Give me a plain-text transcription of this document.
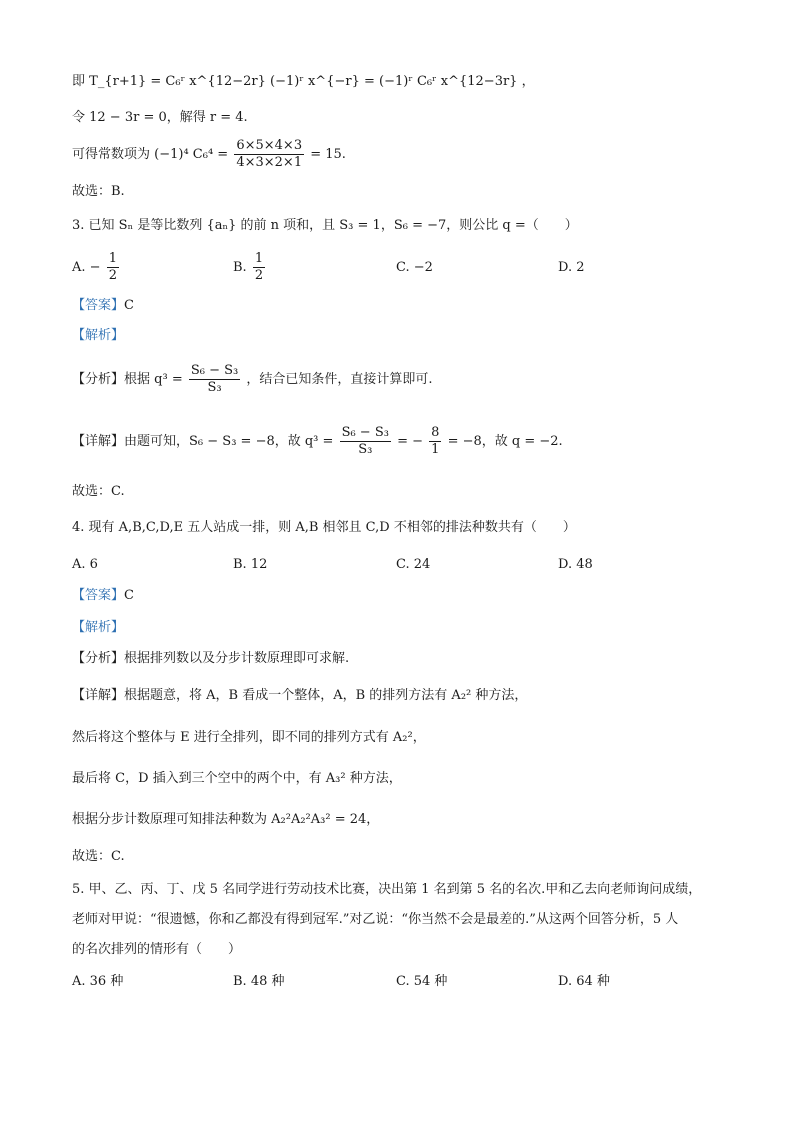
即 T_{r+1} = C₆ʳ x^{12−2r} (−1)ʳ x^{−r} = (−1)ʳ C₆ʳ x^{12−3r} ，
令 12 − 3r = 0，解得 r = 4.
可得常数项为 (−1)⁴ $C_6^4 = \frac{6\times 5\times 4\times 3}{4\times 3\times 2\times 1} = 15$.
故选：B.
3. 已知 Sₙ 是等比数列 {aₙ} 的前 n 项和，且 S₃ = 1，S₆ = −7，则公比 q =（　　）
A. − $\frac{1}{2}$	B. $\frac{1}{2}$	C. −2	D. 2
【答案】C
【解析】
【分析】根据 $q^3 = \frac{\text{S₆ − S₃}}{\text{S₃}}$ ，结合已知条件，直接计算即可.
【详解】由题可知，S₆ − S₃ = −8，故 $q^3 = \frac{\text{S₆ − S₃}}{\text{S₃}}$ = − $\frac{8}{1} = -8$，故 q = −2.
故选：C.
4. 现有 A,B,C,D,E 五人站成一排，则 A,B 相邻且 C,D 不相邻的排法种数共有（　　）
A. 6	B. 12	C. 24	D. 48
【答案】C
【解析】
【分析】根据排列数以及分步计数原理即可求解.
【详解】根据题意，将 A，B 看成一个整体，A，B 的排列方法有 A₂² 种方法，
然后将这个整体与 E 进行全排列，即不同的排列方式有 A₂²，
最后将 C，D 插入到三个空中的两个中，有 A₃² 种方法，
根据分步计数原理可知排法种数为 A₂²A₂²A₃² = 24，
故选：C.
5. 甲、乙、丙、丁、戊 5 名同学进行劳动技术比赛，决出第 1 名到第 5 名的名次.甲和乙去向老师询问成绩，
老师对甲说：“很遗憾，你和乙都没有得到冠军.”对乙说：“你当然不会是最差的.”从这两个回答分析，5 人
的名次排列的情形有（　　）
A. 36 种	B. 48 种	C. 54 种	D. 64 种
